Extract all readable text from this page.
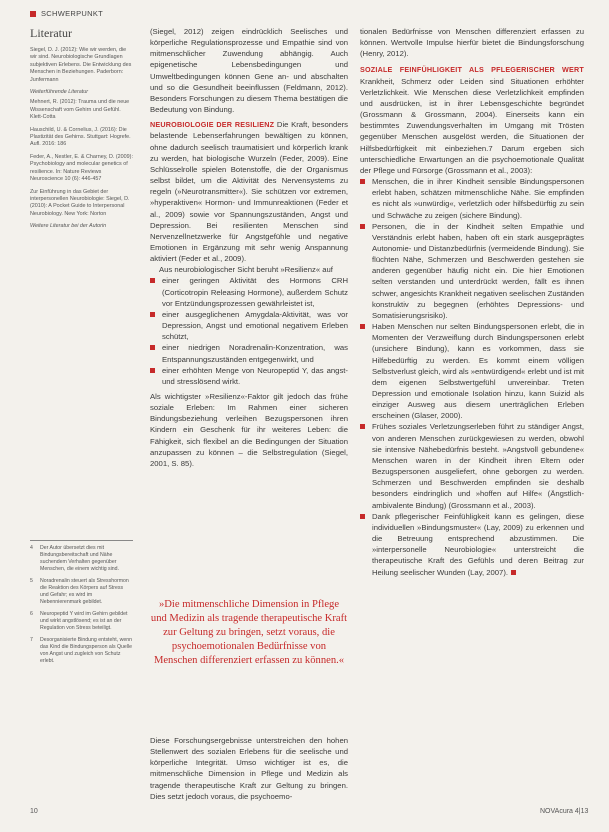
SCHWERPUNKT
Literatur
Siegel, D. J. (2012): Wie wir werden, die wir sind. Neurobiologische Grundlagen subjektiven Erlebens. Die Entwicklung des Menschen in Beziehungen. Paderborn: Junfermann
Weiterführende Literatur
Mehnert, R. (2012): Trauma und die neue Wissenschaft vom Gehirn und Gefühl. Klett-Cotta
Hauschild, U. & Cornelius, J. (2016): Die Plastizität des Gehirns. Stuttgart: Hogrefe. Aufl. 2016: 186
Feder, A., Nestler, E. & Charney, D. (2009): Psychobiology and molecular genetics of resilience. In: Nature Reviews Neuroscience 10 (6): 446-457
Zur Einführung in das Gebiet der interpersonellen Neurobiologie: Siegel, D. (2010): A Pocket Guide to Interpersonal Neurobiology. New York: Norton
Weitere Literatur bei der Autorin
4	Der Autor übersetzt dies mit Bindungsbereitschaft und Nähe suchendem Verhalten gegenüber Menschen, die einem wichtig sind.
5	Noradrenalin steuert als Stresshormon die Reaktion des Körpers auf Stress und Gefahr; es wird im Nebennierenmark gebildet.
6	Neuropeptid Y wird im Gehirn gebildet und wirkt angstlösend; es ist an der Regulation von Stress beteiligt.
7	Desorganisierte Bindung entsteht, wenn das Kind die Bindungsperson als Quelle von Angst und zugleich von Schutz erlebt.

(Siegel, 2012) zeigen eindrücklich Seelisches und körperliche Regulationsprozesse und Empathie sind von mitmenschlicher Zuwendung abhängig. Auch epigenetische Lebensbedingungen und Umweltbedingungen können Gene an- und abschalten und so die Gesundheit beeinflussen (Feldmann, 2012). Besonders Forschungen zu diesem Thema bestätigen die Bedeutung von Bindung.

NEUROBIOLOGIE DER RESILIENZ Die Kraft, besonders belastende Lebenserfahrungen bewältigen zu können, ohne dadurch seelisch traumatisiert und körperlich krank zu werden, hat biologische Wurzeln (Feder, 2009). Eine Schlüsselrolle spielen Botenstoffe, die der Organismus selbst bildet, um die Aktivität des Nervensystems zu regeln (»Neurotransmitter«). Sie schützen vor extremen, »hyperaktiven« Hormon- und Immunreaktionen (Feder et al., 2009) sowie vor Spannungszuständen, Angst und Depression. Bei resilienten Menschen sind Nervenzellnetzwerke für Angstgefühle und negative Emotionen in Ergänzung mit sehr wenig Anspannung aktiviert (Feder et al., 2009).

Aus neurobiologischer Sicht beruht »Resilienz« auf

einer geringen Aktivität des Hormons CRH (Corticotropin Releasing Hormone), außerdem Schutz vor Entzündungsprozessen gewährleistet ist,
einer ausgeglichenen Amygdala-Aktivität, was vor Depression, Angst und emotional negativem Erleben schützt,
einer niedrigen Noradrenalin-Konzentration, was Entspannungszuständen entgegenwirkt, und
einer erhöhten Menge von Neuropeptid Y, das angst- und stresslösend wirkt.

Als wichtigster »Resilienz«-Faktor gilt jedoch das frühe soziale Erleben: Im Rahmen einer sicheren Bindungsbeziehung verleihen Bezugspersonen ihren Kindern ein Geschenk für ihr weiteres Leben: die Fähigkeit, sich flexibel an die Bedingungen der Situation anzupassen zu können – die Selbstregulation (Siegel, 2001, S. 85).

»Die mitmenschliche Dimension in Pflege und Medizin als tragende therapeutische Kraft zur Geltung zu bringen, setzt voraus, die psychoemotionalen Bedürfnisse von Menschen differenziert erfassen zu können.«

Diese Forschungsergebnisse unterstreichen den hohen Stellenwert des sozialen Erlebens für die seelische und körperliche Integrität. Umso wichtiger ist es, die mitmenschliche Dimension in Pflege und Medizin als tragende therapeutische Kraft zur Geltung zu bringen. Dies setzt jedoch voraus, die psychoemo-

tionalen Bedürfnisse von Menschen differenziert erfassen zu können. Wertvolle Impulse hierfür bietet die Bindungsforschung (Henry, 2012).

SOZIALE FEINFÜHLIGKEIT ALS PFLEGERISCHER WERT Krankheit, Schmerz oder Leiden sind Situationen erhöhter Verletzlichkeit. Wie Menschen diese Verletzlichkeit empfinden und ausdrücken, ist in ihrer Lebensgeschichte begründet (Grossmann & Grossmann, 2004). Einerseits kann ein bestimmtes Zuwendungsverhalten im Umgang mit Trösten gegenüber Menschen ausgelöst werden, die Situationen der Hilfsbedürftigkeit mit einbeziehen.7 Darum ergeben sich unterschiedliche Erwartungen an die psychoemotionale Qualität der Pflege und Fürsorge (Grossmann et al., 2003):

Menschen, die in ihrer Kindheit sensible Bindungspersonen erlebt haben, schätzen mitmenschliche Nähe. Sie empfinden es nicht als »unwürdig«, verletzlich oder hilfsbedürftig zu sein und Schwäche zu zeigen (sichere Bindung).
Personen, die in der Kindheit selten Empathie und Verständnis erlebt haben, haben oft ein stark ausgeprägtes Autonomie- und Distanzbedürfnis (vermeidende Bindung). Sie flüchten Nähe, Schmerzen und Beschwerden gestehen sie anderen gegenüber häufig nicht ein. Die hier Emotionen selten verstanden und unterdrückt werden, fällt es ihnen schwer, angesichts Krankheit negativen seelischen Zuständen konstruktiv zu begegnen (erhöhtes Depressions- und Somatisierungsrisiko).
Haben Menschen nur selten Bindungspersonen erlebt, die in Momenten der Verzweiflung durch Bindungspersonen erlebt (unsichere Bindung), kann es vorkommen, dass sie Hilfebedürftig zu werden. Es kommt einem völligen Selbstverlust gleich, wird als »entwürdigend« erlebt und ist mit dem eigenen Selbstwertgefühl unvereinbar. Treten Depression und emotionale Isolation hinzu, kann Suizid als einziger Ausweg aus diesem unerträglichen Erleben erscheinen (Glaser, 2000).
Frühes soziales Verletzungserleben führt zu ständiger Angst, von anderen Menschen zurückgewiesen zu werden, obwohl sie intensive Nähebedürfnis besteht. »Angstvoll gebundene« Menschen waren in der Kindheit ihren Eltern oder Bezugspersonen ausgeliefert, ohne geborgen zu werden. Schmerzen und Beschwerden empfinden sie deshalb besonders eindringlich und »hoffen auf Hilfe« (Ängstlich-ambivalente Bindung) (Grossmann et al., 2003).
Dank pflegerischer Feinfühligkeit kann es gelingen, diese individuellen »Bindungsmuster« (Lay, 2009) zu erkennen und die Betreuung entsprechend abzustimmen. Die »interpersonelle Neurobiologie« unterstreicht die therapeutische Kraft des Gefühls und deren Beitrag zur Heilung seelischer Wunden (Lay, 2007).
10	NOVAcura 4|13
